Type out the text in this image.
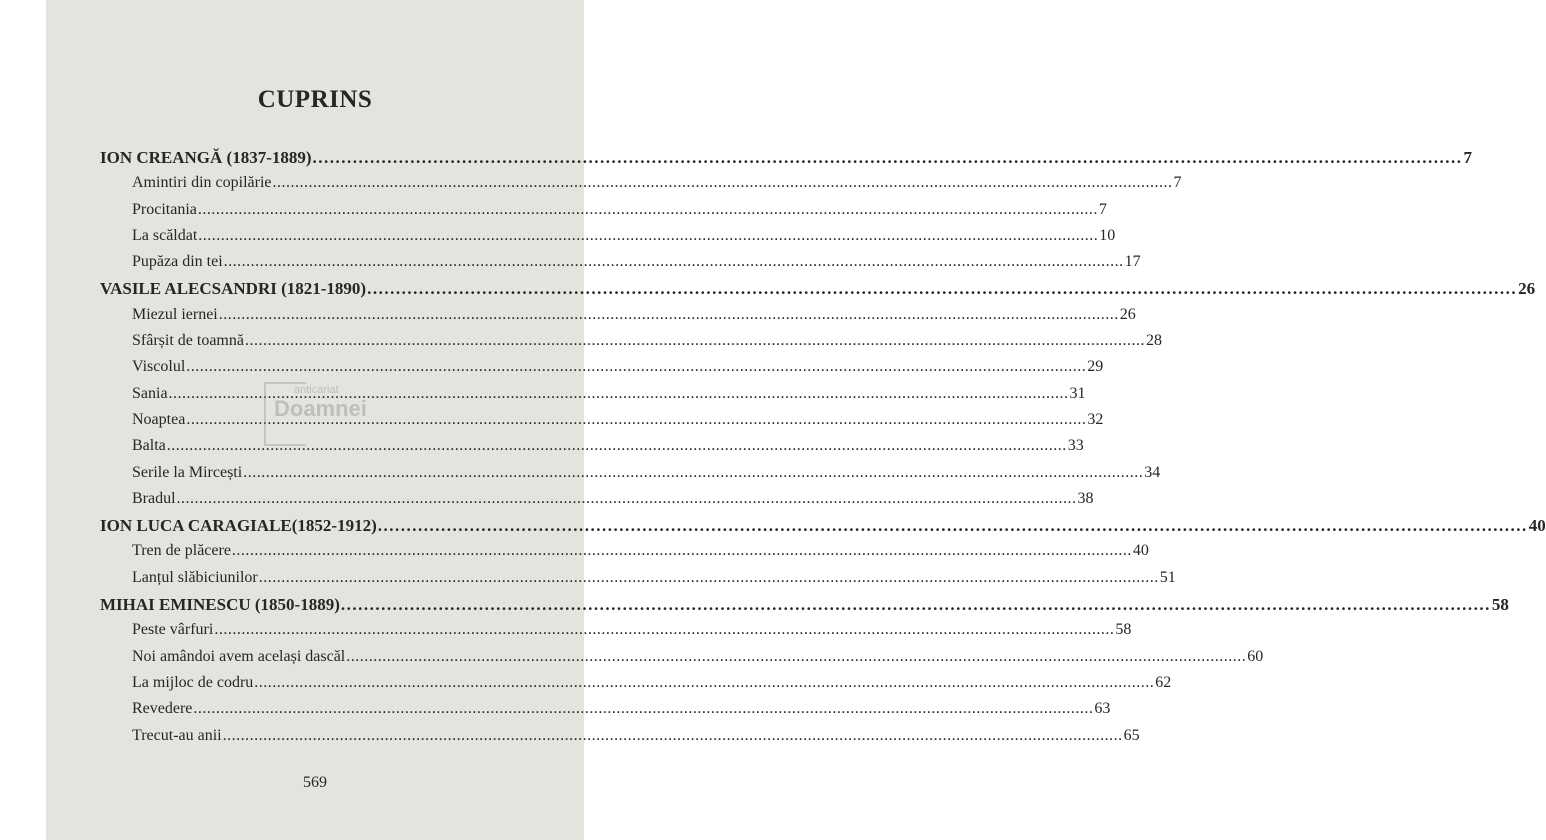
CUPRINS
ION CREANGĂ (1837-1889) .....	7
Amintiri din copilărie .....	7
Procitania .....	7
La scăldat .....	10
Pupăza din tei .....	17
VASILE ALECSANDRI (1821-1890) .....	26
Miezul iernei .....	26
Sfârșit de toamnă .....	28
Viscolul .....	29
Sania .....	31
Noaptea .....	32
Balta .....	33
Serile la Mircești .....	34
Bradul .....	38
ION LUCA CARAGIALE(1852-1912) .....	40
Tren de plăcere .....	40
Lanțul slăbiciunilor .....	51
MIHAI EMINESCU (1850-1889) .....	58
Peste vârfuri .....	58
Noi amândoi avem același dascăl .....	60
La mijloc de codru .....	62
Revedere .....	63
Trecut-au anii .....	65
anticariat
Doamnei
569
